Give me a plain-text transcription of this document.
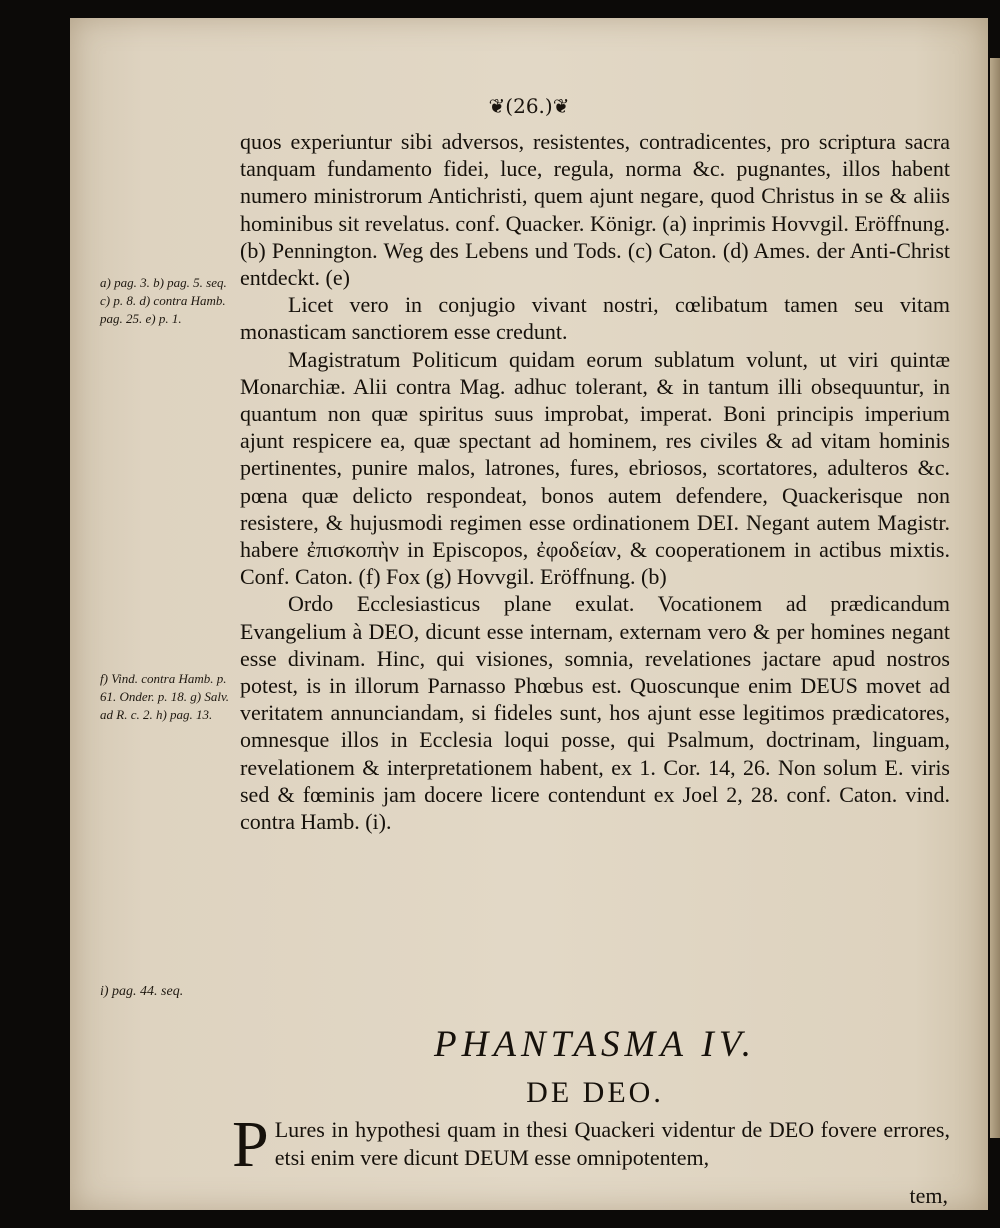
❦(26.)❦

quos experiuntur sibi adversos, resistentes, contradicentes, pro scriptura sacra tanquam fundamento fidei, luce, regula, norma &c. pugnantes, illos habent numero ministrorum Antichristi, quem ajunt negare, quod Christus in se & aliis hominibus sit revelatus. conf. Quacker. Königr. (a) inprimis Hovvgil. Eröffnung. (b) Pennington. Weg des Lebens und Tods. (c) Caton. (d) Ames. der Anti-Christ entdeckt. (e)

Licet vero in conjugio vivant nostri, cœlibatum tamen seu vitam monasticam sanctiorem esse credunt.

Magistratum Politicum quidam eorum sublatum volunt, ut viri quintæ Monarchiæ. Alii contra Mag. adhuc tolerant, & in tantum illi obsequuntur, in quantum non quæ spiritus suus improbat, imperat. Boni principis imperium ajunt respicere ea, quæ spectant ad hominem, res civiles & ad vitam hominis pertinentes, punire malos, latrones, fures, ebriosos, scortatores, adulteros &c. pœna quæ delicto respondeat, bonos autem defendere, Quackerisque non resistere, & hujusmodi regimen esse ordinationem DEI. Negant autem Magistr. habere ἐπισκοπὴν in Episcopos, ἐφοδείαν, & cooperationem in actibus mixtis. Conf. Caton. (f) Fox (g) Hovvgil. Eröffnung. (b)

Ordo Ecclesiasticus plane exulat. Vocationem ad prædicandum Evangelium à DEO, dicunt esse internam, externam vero & per homines negant esse divinam. Hinc, qui visiones, somnia, revelationes jactare apud nostros potest, is in illorum Parnasso Phœbus est. Quoscunque enim DEUS movet ad veritatem annunciandam, si fideles sunt, hos ajunt esse legitimos prædicatores, omnesque illos in Ecclesia loqui posse, qui Psalmum, doctrinam, linguam, revelationem & interpretationem habent, ex 1. Cor. 14, 26. Non solum E. viris sed & fœminis jam docere licere contendunt ex Joel 2, 28. conf. Caton. vind. contra Hamb. (i).

a) pag. 3. b) pag. 5. seq. c) p. 8. d) contra Hamb. pag. 25. e) p. 1.
f) Vind. contra Hamb. p. 61. Onder. p. 18. g) Salv. ad R. c. 2. h) pag. 13.
i) pag. 44. seq.
PHANTASMA IV.
DE DEO.
P Lures in hypothesi quam in thesi Quackeri videntur de DEO fovere errores, etsi enim vere dicunt DEUM esse omnipotentem,
tem,
